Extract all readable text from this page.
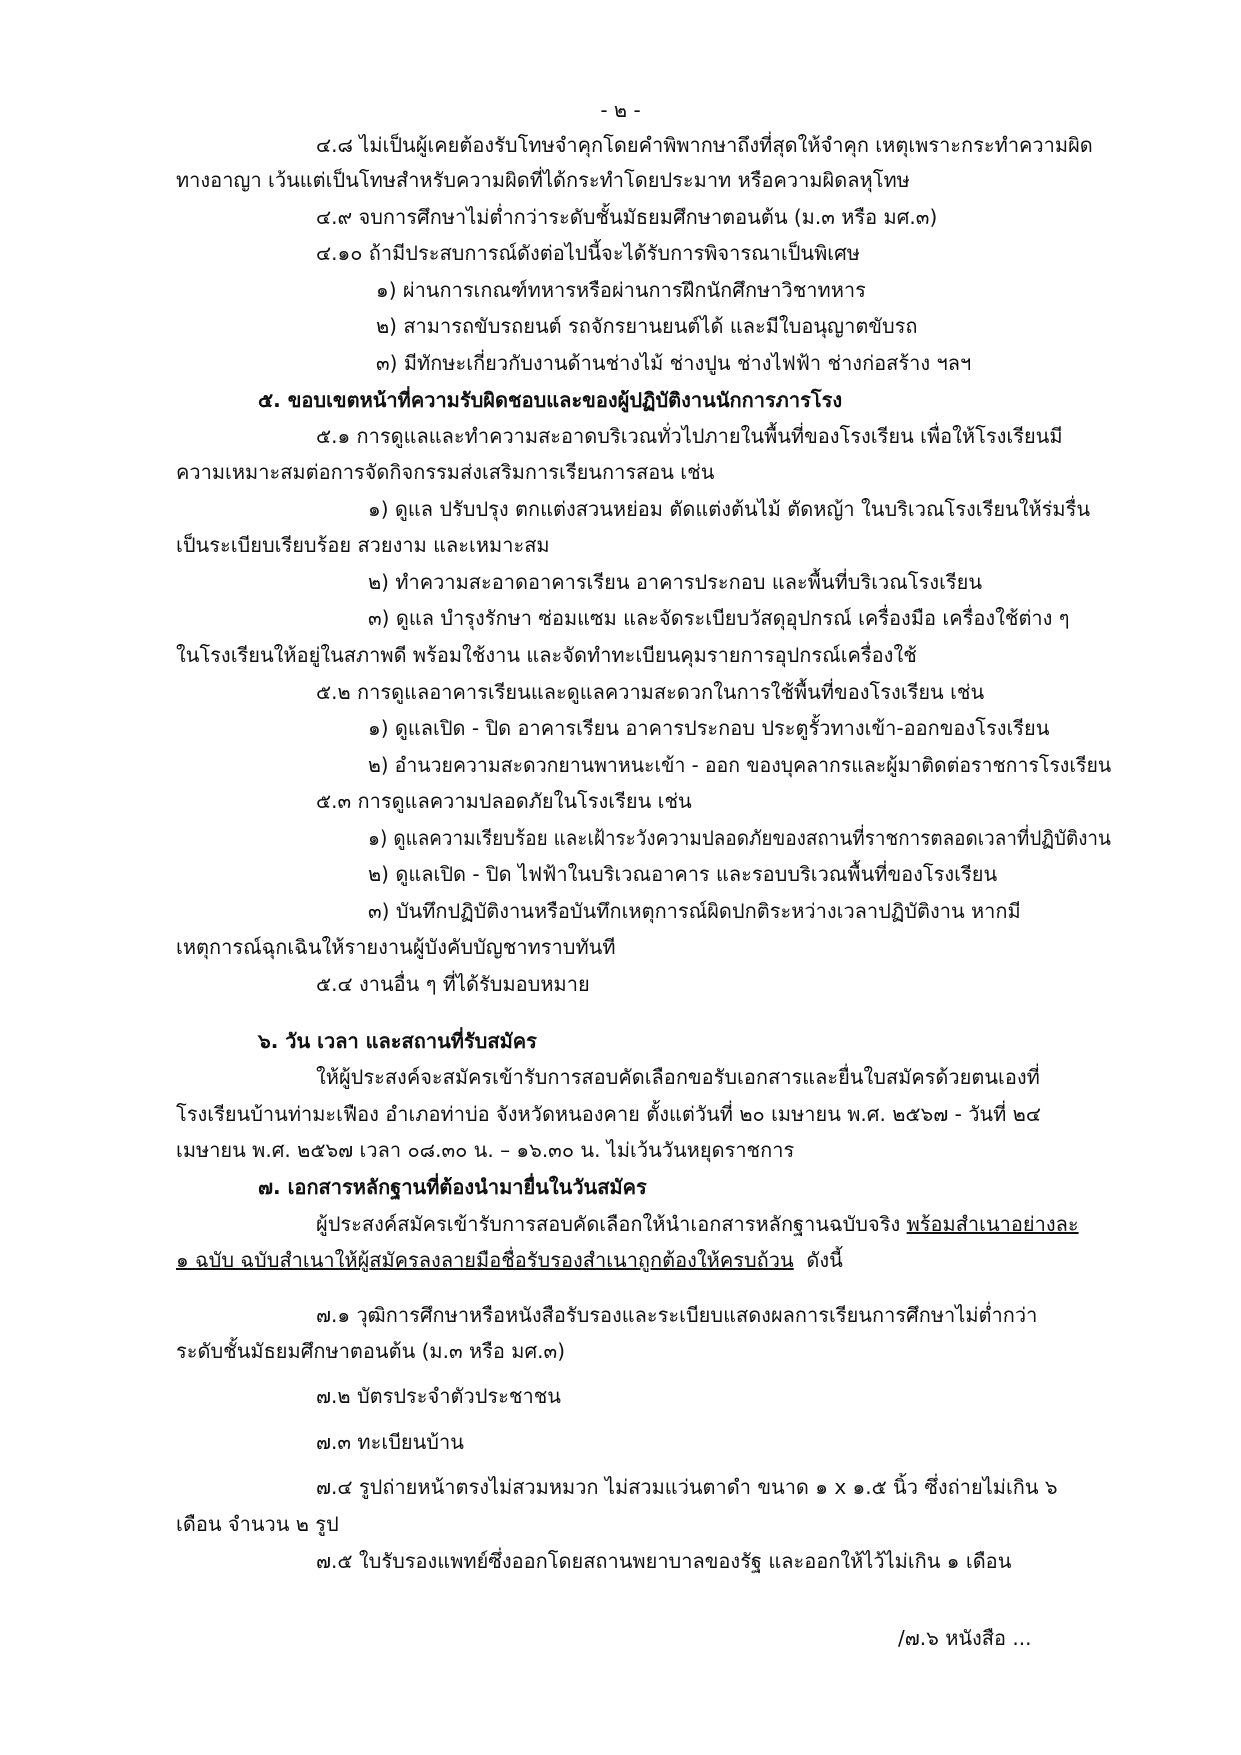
- ๒ -
๔.๘ ไม่เป็นผู้เคยต้องรับโทษจำคุกโดยคำพิพากษาถึงที่สุดให้จำคุก เหตุเพราะกระทำความผิด
ทางอาญา เว้นแต่เป็นโทษสำหรับความผิดที่ได้กระทำโดยประมาท หรือความผิดลหุโทษ
๔.๙ จบการศึกษาไม่ต่ำกว่าระดับชั้นมัธยมศึกษาตอนต้น (ม.๓ หรือ มศ.๓)
๔.๑๐ ถ้ามีประสบการณ์ดังต่อไปนี้จะได้รับการพิจารณาเป็นพิเศษ
๑) ผ่านการเกณฑ์ทหารหรือผ่านการฝึกนักศึกษาวิชาทหาร
๒) สามารถขับรถยนต์ รถจักรยานยนต์ได้ และมีใบอนุญาตขับรถ
๓) มีทักษะเกี่ยวกับงานด้านช่างไม้ ช่างปูน ช่างไฟฟ้า ช่างก่อสร้าง ฯลฯ
๕. ขอบเขตหน้าที่ความรับผิดชอบและของผู้ปฏิบัติงานนักการภารโรง
๕.๑ การดูแลและทำความสะอาดบริเวณทั่วไปภายในพื้นที่ของโรงเรียน เพื่อให้โรงเรียนมี
ความเหมาะสมต่อการจัดกิจกรรมส่งเสริมการเรียนการสอน เช่น
๑) ดูแล ปรับปรุง ตกแต่งสวนหย่อม ตัดแต่งต้นไม้ ตัดหญ้า ในบริเวณโรงเรียนให้ร่มรื่น
เป็นระเบียบเรียบร้อย สวยงาม และเหมาะสม
๒) ทำความสะอาดอาคารเรียน อาคารประกอบ และพื้นที่บริเวณโรงเรียน
๓) ดูแล บำรุงรักษา ซ่อมแซม และจัดระเบียบวัสดุอุปกรณ์ เครื่องมือ เครื่องใช้ต่าง ๆ
ในโรงเรียนให้อยู่ในสภาพดี พร้อมใช้งาน และจัดทำทะเบียนคุมรายการอุปกรณ์เครื่องใช้
๕.๒ การดูแลอาคารเรียนและดูแลความสะดวกในการใช้พื้นที่ของโรงเรียน เช่น
๑) ดูแลเปิด - ปิด อาคารเรียน อาคารประกอบ ประตูรั้วทางเข้า-ออกของโรงเรียน
๒) อำนวยความสะดวกยานพาหนะเข้า - ออก ของบุคลากรและผู้มาติดต่อราชการโรงเรียน
๕.๓ การดูแลความปลอดภัยในโรงเรียน เช่น
๑) ดูแลความเรียบร้อย และเฝ้าระวังความปลอดภัยของสถานที่ราชการตลอดเวลาที่ปฏิบัติงาน
๒) ดูแลเปิด - ปิด ไฟฟ้าในบริเวณอาคาร และรอบบริเวณพื้นที่ของโรงเรียน
๓) บันทึกปฏิบัติงานหรือบันทึกเหตุการณ์ผิดปกติระหว่างเวลาปฏิบัติงาน หากมี
เหตุการณ์ฉุกเฉินให้รายงานผู้บังคับบัญชาทราบทันที
๕.๔ งานอื่น ๆ ที่ได้รับมอบหมาย
๖. วัน เวลา และสถานที่รับสมัคร
ให้ผู้ประสงค์จะสมัครเข้ารับการสอบคัดเลือกขอรับเอกสารและยื่นใบสมัครด้วยตนเองที่
โรงเรียนบ้านท่ามะเฟือง อำเภอท่าบ่อ จังหวัดหนองคาย ตั้งแต่วันที่ ๒๐ เมษายน พ.ศ. ๒๕๖๗ - วันที่ ๒๔
เมษายน พ.ศ. ๒๕๖๗ เวลา ๐๘.๓๐ น. – ๑๖.๓๐ น. ไม่เว้นวันหยุดราชการ
๗. เอกสารหลักฐานที่ต้องนำมายื่นในวันสมัคร
ผู้ประสงค์สมัครเข้ารับการสอบคัดเลือกให้นำเอกสารหลักฐานฉบับจริง พร้อมสำเนาอย่างละ
๑ ฉบับ ฉบับสำเนาให้ผู้สมัครลงลายมือชื่อรับรองสำเนาถูกต้องให้ครบถ้วน  ดังนี้
๗.๑ วุฒิการศึกษาหรือหนังสือรับรองและระเบียบแสดงผลการเรียนการศึกษาไม่ต่ำกว่า
ระดับชั้นมัธยมศึกษาตอนต้น (ม.๓ หรือ มศ.๓)
๗.๒ บัตรประจำตัวประชาชน
๗.๓ ทะเบียนบ้าน
๗.๔ รูปถ่ายหน้าตรงไม่สวมหมวก ไม่สวมแว่นตาดำ ขนาด ๑ x ๑.๕ นิ้ว ซึ่งถ่ายไม่เกิน ๖
เดือน จำนวน ๒ รูป
๗.๕ ใบรับรองแพทย์ซึ่งออกโดยสถานพยาบาลของรัฐ และออกให้ไว้ไม่เกิน ๑ เดือน
/๗.๖ หนังสือ ...
